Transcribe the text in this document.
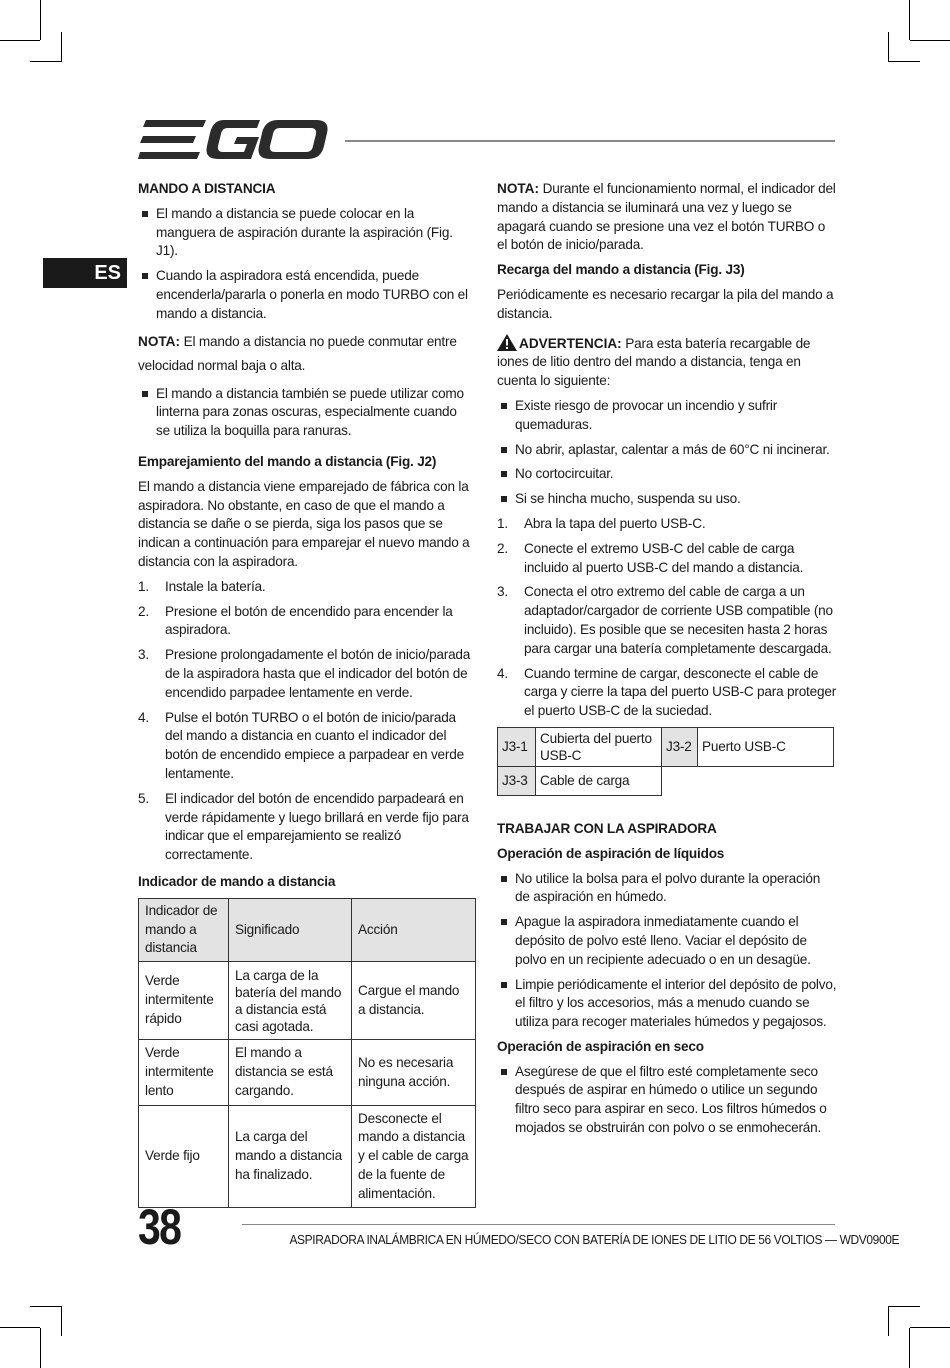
ES
MANDO A DISTANCIA
El mando a distancia se puede colocar en la manguera de aspiración durante la aspiración (Fig. J1).
Cuando la aspiradora está encendida, puede encenderla/pararla o ponerla en modo TURBO con el mando a distancia.
NOTA: El mando a distancia no puede conmutar entre velocidad normal baja o alta.
El mando a distancia también se puede utilizar como linterna para zonas oscuras, especialmente cuando se utiliza la boquilla para ranuras.
Emparejamiento del mando a distancia (Fig. J2)
El mando a distancia viene emparejado de fábrica con la aspiradora. No obstante, en caso de que el mando a distancia se dañe o se pierda, siga los pasos que se indican a continuación para emparejar el nuevo mando a distancia con la aspiradora.
1. Instale la batería.
2. Presione el botón de encendido para encender la aspiradora.
3. Presione prolongadamente el botón de inicio/parada de la aspiradora hasta que el indicador del botón de encendido parpadee lentamente en verde.
4. Pulse el botón TURBO o el botón de inicio/parada del mando a distancia en cuanto el indicador del botón de encendido empiece a parpadear en verde lentamente.
5. El indicador del botón de encendido parpadeará en verde rápidamente y luego brillará en verde fijo para indicar que el emparejamiento se realizó correctamente.
Indicador de mando a distancia
Indicador de mando a distancia	Significado	Acción
Verde intermitente rápido	La carga de la batería del mando a distancia está casi agotada.	Cargue el mando a distancia.
Verde intermitente lento	El mando a distancia se está cargando.	No es necesaria ninguna acción.
Verde fijo	La carga del mando a distancia ha finalizado.	Desconecte el mando a distancia y el cable de carga de la fuente de alimentación.
NOTA: Durante el funcionamiento normal, el indicador del mando a distancia se iluminará una vez y luego se apagará cuando se presione una vez el botón TURBO o el botón de inicio/parada.
Recarga del mando a distancia (Fig. J3)
Periódicamente es necesario recargar la pila del mando a distancia.
ADVERTENCIA: Para esta batería recargable de iones de litio dentro del mando a distancia, tenga en cuenta lo siguiente:
Existe riesgo de provocar un incendio y sufrir quemaduras.
No abrir, aplastar, calentar a más de 60°C ni incinerar.
No cortocircuitar.
Si se hincha mucho, suspenda su uso.
1. Abra la tapa del puerto USB-C.
2. Conecte el extremo USB-C del cable de carga incluido al puerto USB-C del mando a distancia.
3. Conecta el otro extremo del cable de carga a un adaptador/cargador de corriente USB compatible (no incluido). Es posible que se necesiten hasta 2 horas para cargar una batería completamente descargada.
4. Cuando termine de cargar, desconecte el cable de carga y cierre la tapa del puerto USB-C para proteger el puerto USB-C de la suciedad.
J3-1	Cubierta del puerto USB-C	J3-2	Puerto USB-C
J3-3	Cable de carga		
TRABAJAR CON LA ASPIRADORA
Operación de aspiración de líquidos
No utilice la bolsa para el polvo durante la operación de aspiración en húmedo.
Apague la aspiradora inmediatamente cuando el depósito de polvo esté lleno. Vaciar el depósito de polvo en un recipiente adecuado o en un desagüe.
Limpie periódicamente el interior del depósito de polvo, el filtro y los accesorios, más a menudo cuando se utiliza para recoger materiales húmedos y pegajosos.
Operación de aspiración en seco
Asegúrese de que el filtro esté completamente seco después de aspirar en húmedo o utilice un segundo filtro seco para aspirar en seco. Los filtros húmedos o mojados se obstruirán con polvo o se enmohecerán.
38	ASPIRADORA INALÁMBRICA EN HÚMEDO/SECO CON BATERÍA DE IONES DE LITIO DE 56 VOLTIOS — WDV0900E
